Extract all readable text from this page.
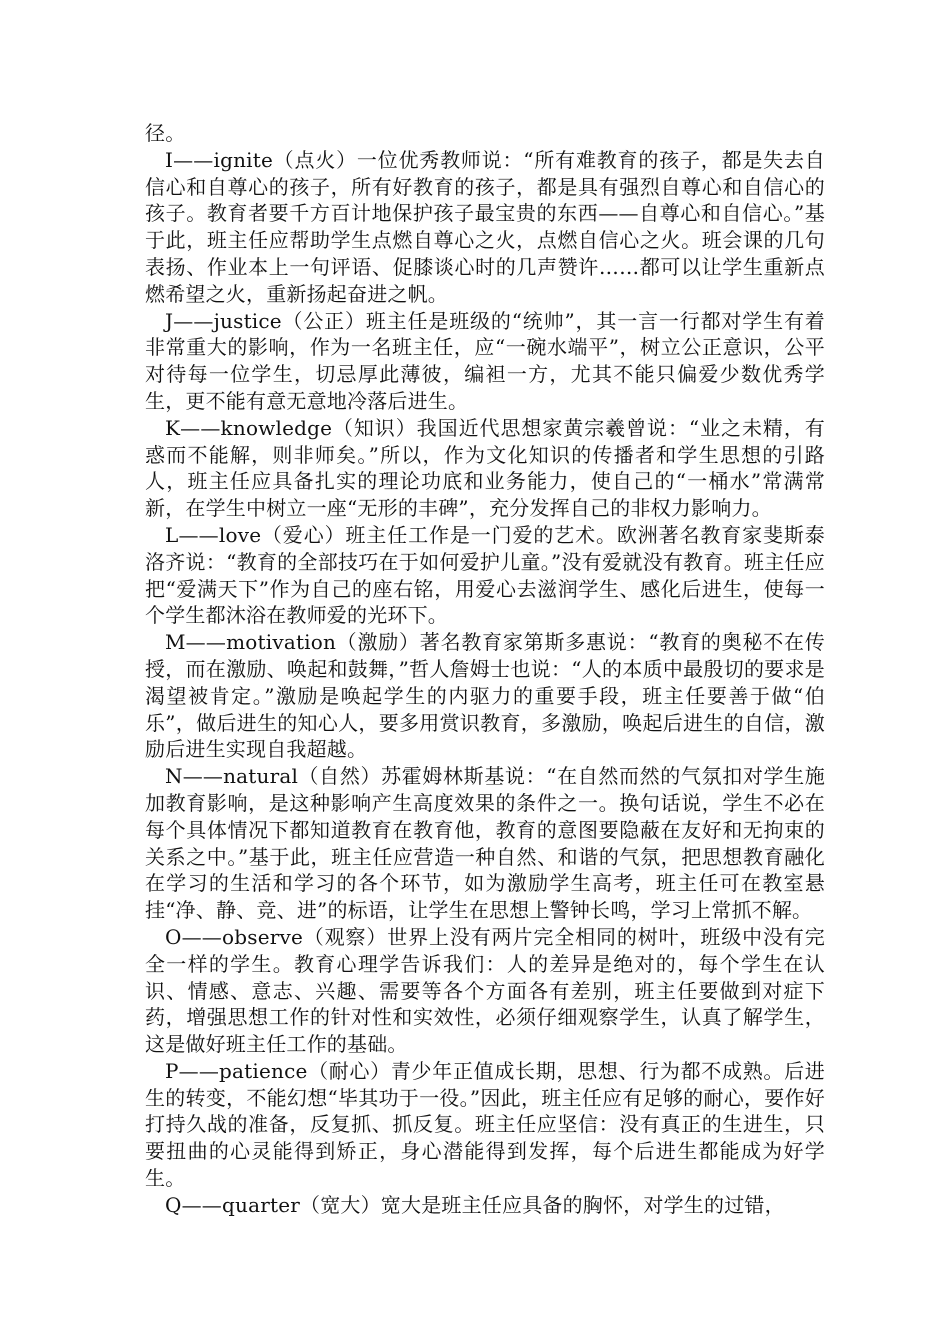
径。

I——ignite（点火）一位优秀教师说：“所有难教育的孩子，都是失去自信心和自尊心的孩子，所有好教育的孩子，都是具有强烈自尊心和自信心的孩子。教育者要千方百计地保护孩子最宝贵的东西——自尊心和自信心。”基于此，班主任应帮助学生点燃自尊心之火，点燃自信心之火。班会课的几句表扬、作业本上一句评语、促膝谈心时的几声赞许……都可以让学生重新点燃希望之火，重新扬起奋进之帆。

J——justice（公正）班主任是班级的“统帅”，其一言一行都对学生有着非常重大的影响，作为一名班主任，应“一碗水端平”，树立公正意识，公平对待每一位学生，切忌厚此薄彼，编袒一方，尤其不能只偏爱少数优秀学生，更不能有意无意地冷落后进生。

K——knowledge（知识）我国近代思想家黄宗羲曾说：“业之未精，有惑而不能解，则非师矣。”所以，作为文化知识的传播者和学生思想的引路人，班主任应具备扎实的理论功底和业务能力，使自己的“一桶水”常满常新，在学生中树立一座“无形的丰碑”，充分发挥自己的非权力影响力。

L——love（爱心）班主任工作是一门爱的艺术。欧洲著名教育家斐斯泰洛齐说：“教育的全部技巧在于如何爱护儿童。”没有爱就没有教育。班主任应把“爱满天下”作为自己的座右铭，用爱心去滋润学生、感化后进生，使每一个学生都沐浴在教师爱的光环下。

M——motivation（激励）著名教育家第斯多惠说：“教育的奥秘不在传授，而在激励、唤起和鼓舞，”哲人詹姆士也说：“人的本质中最殷切的要求是渴望被肯定。”激励是唤起学生的内驱力的重要手段，班主任要善于做“伯乐”，做后进生的知心人，要多用赏识教育，多激励，唤起后进生的自信，激励后进生实现自我超越。

N——natural（自然）苏霍姆林斯基说：“在自然而然的气氛扣对学生施加教育影响，是这种影响产生高度效果的条件之一。换句话说，学生不必在每个具体情况下都知道教育在教育他，教育的意图要隐蔽在友好和无拘束的关系之中。”基于此，班主任应营造一种自然、和谐的气氛，把思想教育融化在学习的生活和学习的各个环节，如为激励学生高考，班主任可在教室悬挂“净、静、竞、进”的标语，让学生在思想上警钟长鸣，学习上常抓不解。

O——observe（观察）世界上没有两片完全相同的树叶，班级中没有完全一样的学生。教育心理学告诉我们：人的差异是绝对的，每个学生在认识、情感、意志、兴趣、需要等各个方面各有差别，班主任要做到对症下药，增强思想工作的针对性和实效性，必须仔细观察学生，认真了解学生，这是做好班主任工作的基础。

P——patience（耐心）青少年正值成长期，思想、行为都不成熟。后进生的转变，不能幻想“毕其功于一役。”因此，班主任应有足够的耐心，要作好打持久战的准备，反复抓、抓反复。班主任应坚信：没有真正的生进生，只要扭曲的心灵能得到矫正，身心潜能得到发挥，每个后进生都能成为好学生。

Q——quarter（宽大）宽大是班主任应具备的胸怀，对学生的过错，
